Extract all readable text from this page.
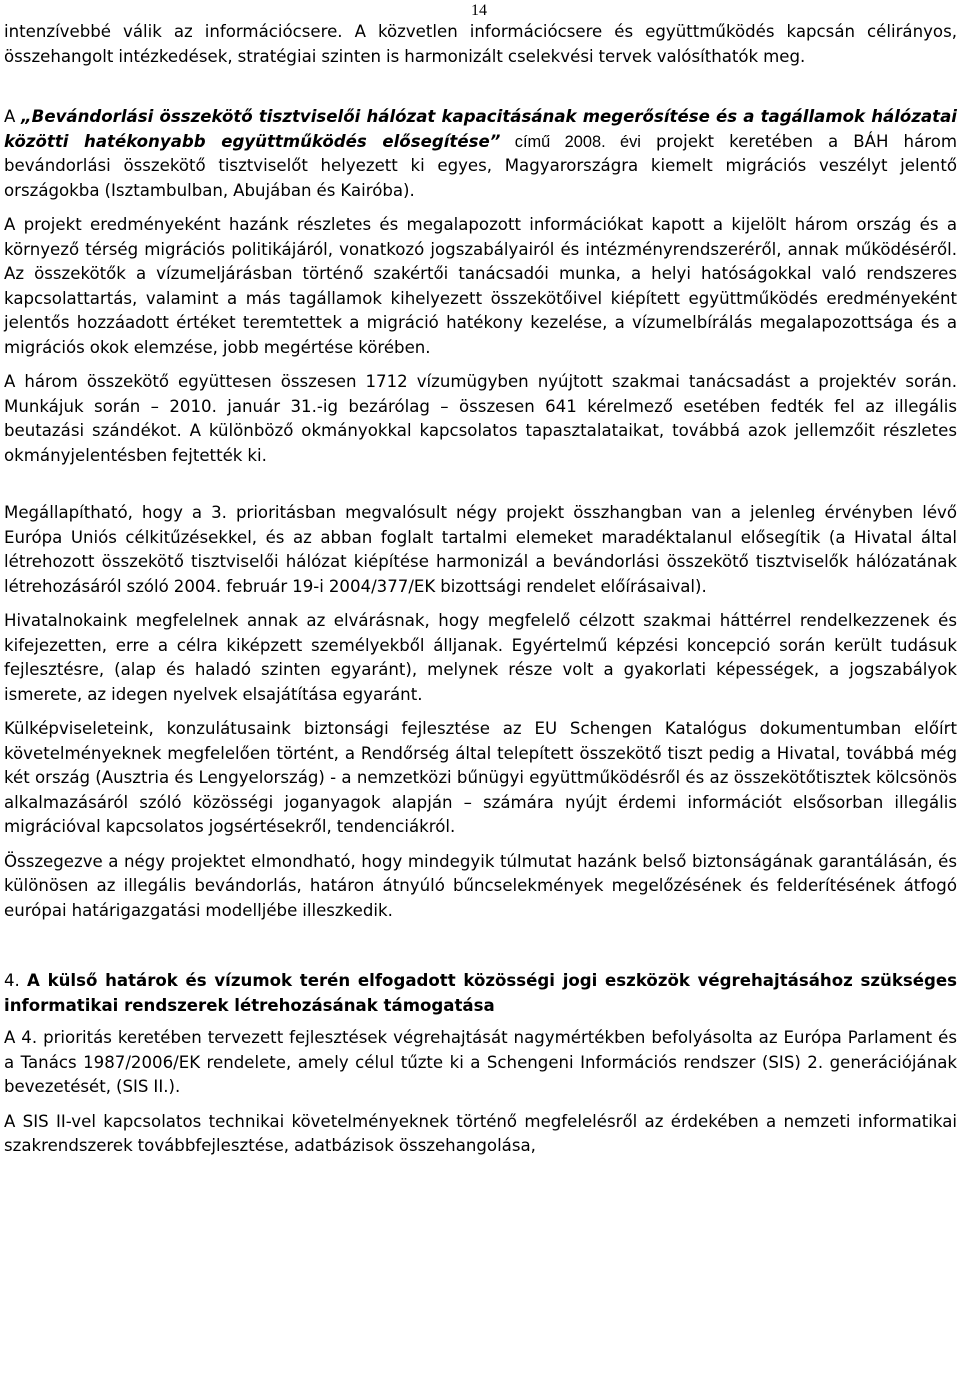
14

intenzívebbé válik az információcsere. A közvetlen információcsere és együttműködés kapcsán célirányos, összehangolt intézkedések, stratégiai szinten is harmonizált cselekvési tervek valósíthatók meg.

A „Bevándorlási összekötő tisztviselői hálózat kapacitásának megerősítése és a tagállamok hálózatai közötti hatékonyabb együttműködés elősegítése” című 2008. évi projekt keretében a BÁH három bevándorlási összekötő tisztviselőt helyezett ki egyes, Magyarországra kiemelt migrációs veszélyt jelentő országokba (Isztambulban, Abujában és Kairóba).

A projekt eredményeként hazánk részletes és megalapozott információkat kapott a kijelölt három ország és a környező térség migrációs politikájáról, vonatkozó jogszabályairól és intézményrendszeréről, annak működéséről. Az összekötők a vízumeljárásban történő szakértői tanácsadói munka, a helyi hatóságokkal való rendszeres kapcsolattartás, valamint a más tagállamok kihelyezett összekötőivel kiépített együttműködés eredményeként jelentős hozzáadott értéket teremtettek a migráció hatékony kezelése, a vízumelbírálás megalapozottsága és a migrációs okok elemzése, jobb megértése körében.

A három összekötő együttesen összesen 1712 vízumügyben nyújtott szakmai tanácsadást a projektév során. Munkájuk során – 2010. január 31.-ig bezárólag – összesen 641 kérelmező esetében fedték fel az illegális beutazási szándékot. A különböző okmányokkal kapcsolatos tapasztalataikat, továbbá azok jellemzőit részletes okmányjelentésben fejtették ki.

Megállapítható, hogy a 3. prioritásban megvalósult négy projekt összhangban van a jelenleg érvényben lévő Európa Uniós célkitűzésekkel, és az abban foglalt tartalmi elemeket maradéktalanul elősegítik (a Hivatal által létrehozott összekötő tisztviselői hálózat kiépítése harmonizál a bevándorlási összekötő tisztviselők hálózatának létrehozásáról szóló 2004. február 19-i 2004/377/EK bizottsági rendelet előírásaival).

Hivatalnokaink megfelelnek annak az elvárásnak, hogy megfelelő célzott szakmai háttérrel rendelkezzenek és kifejezetten, erre a célra kiképzett személyekből álljanak. Egyértelmű képzési koncepció során került tudásuk fejlesztésre, (alap és haladó szinten egyaránt), melynek része volt a gyakorlati képességek, a jogszabályok ismerete, az idegen nyelvek elsajátítása egyaránt.

Külképviseleteink, konzulátusaink biztonsági fejlesztése az EU Schengen Katalógus dokumentumban előírt követelményeknek megfelelően történt, a Rendőrség által telepített összekötő tiszt pedig a Hivatal, továbbá még két ország (Ausztria és Lengyelország) - a nemzetközi bűnügyi együttműködésről és az összekötőtisztek kölcsönös alkalmazásáról szóló közösségi joganyagok alapján – számára nyújt érdemi információt elsősorban illegális migrációval kapcsolatos jogsértésekről, tendenciákról.

Összegezve a négy projektet elmondható, hogy mindegyik túlmutat hazánk belső biztonságának garantálásán, és különösen az illegális bevándorlás, határon átnyúló bűncselekmények megelőzésének és felderítésének átfogó európai határigazgatási modelljébe illeszkedik.

4. A külső határok és vízumok terén elfogadott közösségi jogi eszközök végrehajtásához szükséges informatikai rendszerek létrehozásának támogatása

A 4. prioritás keretében tervezett fejlesztések végrehajtását nagymértékben befolyásolta az Európa Parlament és a Tanács 1987/2006/EK rendelete, amely célul tűzte ki a Schengeni Információs rendszer (SIS) 2. generációjának bevezetését, (SIS II.).

A SIS II-vel kapcsolatos technikai követelményeknek történő megfelelésről az érdekében a nemzeti informatikai szakrendszerek továbbfejlesztése, adatbázisok összehangolása,
